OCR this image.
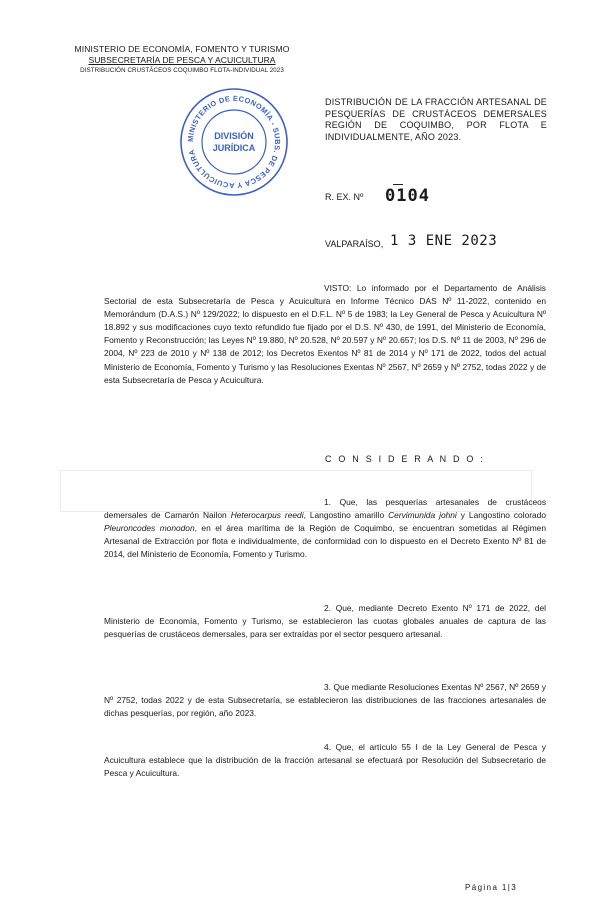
MINISTERIO DE ECONOMÍA, FOMENTO Y TURISMO
SUBSECRETARÍA DE PESCA Y ACUICULTURA
DISTRIBUCIÓN CRUSTÁCEOS COQUIMBO FLOTA-INDIVIDUAL 2023
MINISTERIO DE ECONOMÍA - SUBS. DE PESCA Y ACUICULTURA
DIVISIÓN
JURÍDICA
DISTRIBUCIÓN DE LA FRACCIÓN ARTESANAL DE
PESQUERÍAS DE CRUSTÁCEOS DEMERSALES
REGIÓN DE COQUIMBO, POR FLOTA E
INDIVIDUALMENTE, AÑO 2023.
R. EX. Nº 0104
VALPARAÍSO, 1 3 ENE 2023
VISTO: Lo informado por el Departamento de Análisis Sectorial de esta Subsecretaría de Pesca y Acuicultura en Informe Técnico DAS Nº 11-2022, contenido en Memorándum (D.A.S.) Nº 129/2022; lo dispuesto en el D.F.L. Nº 5 de 1983; la Ley General de Pesca y Acuicultura Nº 18.892 y sus modificaciones cuyo texto refundido fue fijado por el D.S. Nº 430, de 1991, del Ministerio de Economía, Fomento y Reconstrucción; las Leyes Nº 19.880, Nº 20.528, Nº 20.597 y Nº 20.657; los D.S. Nº 11 de 2003, Nº 296 de 2004, Nº 223 de 2010 y Nº 138 de 2012; los Decretos Exentos Nº 81 de 2014 y Nº 171 de 2022, todos del actual Ministerio de Economía, Fomento y Turismo y las Resoluciones Exentas Nº 2567, Nº 2659 y Nº 2752, todas 2022 y de esta Subsecretaría de Pesca y Acuicultura.
C O N S I D E R A N D O :
1. Que, las pesquerías artesanales de crustáceos demersales de Camarón Nailon Heterocarpus reedi, Langostino amarillo Cervimunida johni y Langostino colorado Pleuroncodes monodon, en el área marítima de la Región de Coquimbo, se encuentran sometidas al Régimen Artesanal de Extracción por flota e individualmente, de conformidad con lo dispuesto en el Decreto Exento Nº 81 de 2014, del Ministerio de Economía, Fomento y Turismo.
2. Que, mediante Decreto Exento Nº 171 de 2022, del Ministerio de Economía, Fomento y Turismo, se establecieron las cuotas globales anuales de captura de las pesquerías de crustáceos demersales, para ser extraídas por el sector pesquero artesanal.
3. Que mediante Resoluciones Exentas Nº 2567, Nº 2659 y Nº 2752, todas 2022 y de esta Subsecretaría, se establecieron las distribuciones de las fracciones artesanales de dichas pesquerías, por región, año 2023.
4. Que, el artículo 55 I de la Ley General de Pesca y Acuicultura establece que la distribución de la fracción artesanal se efectuará por Resolución del Subsecretario de Pesca y Acuicultura.
Página 1|3
